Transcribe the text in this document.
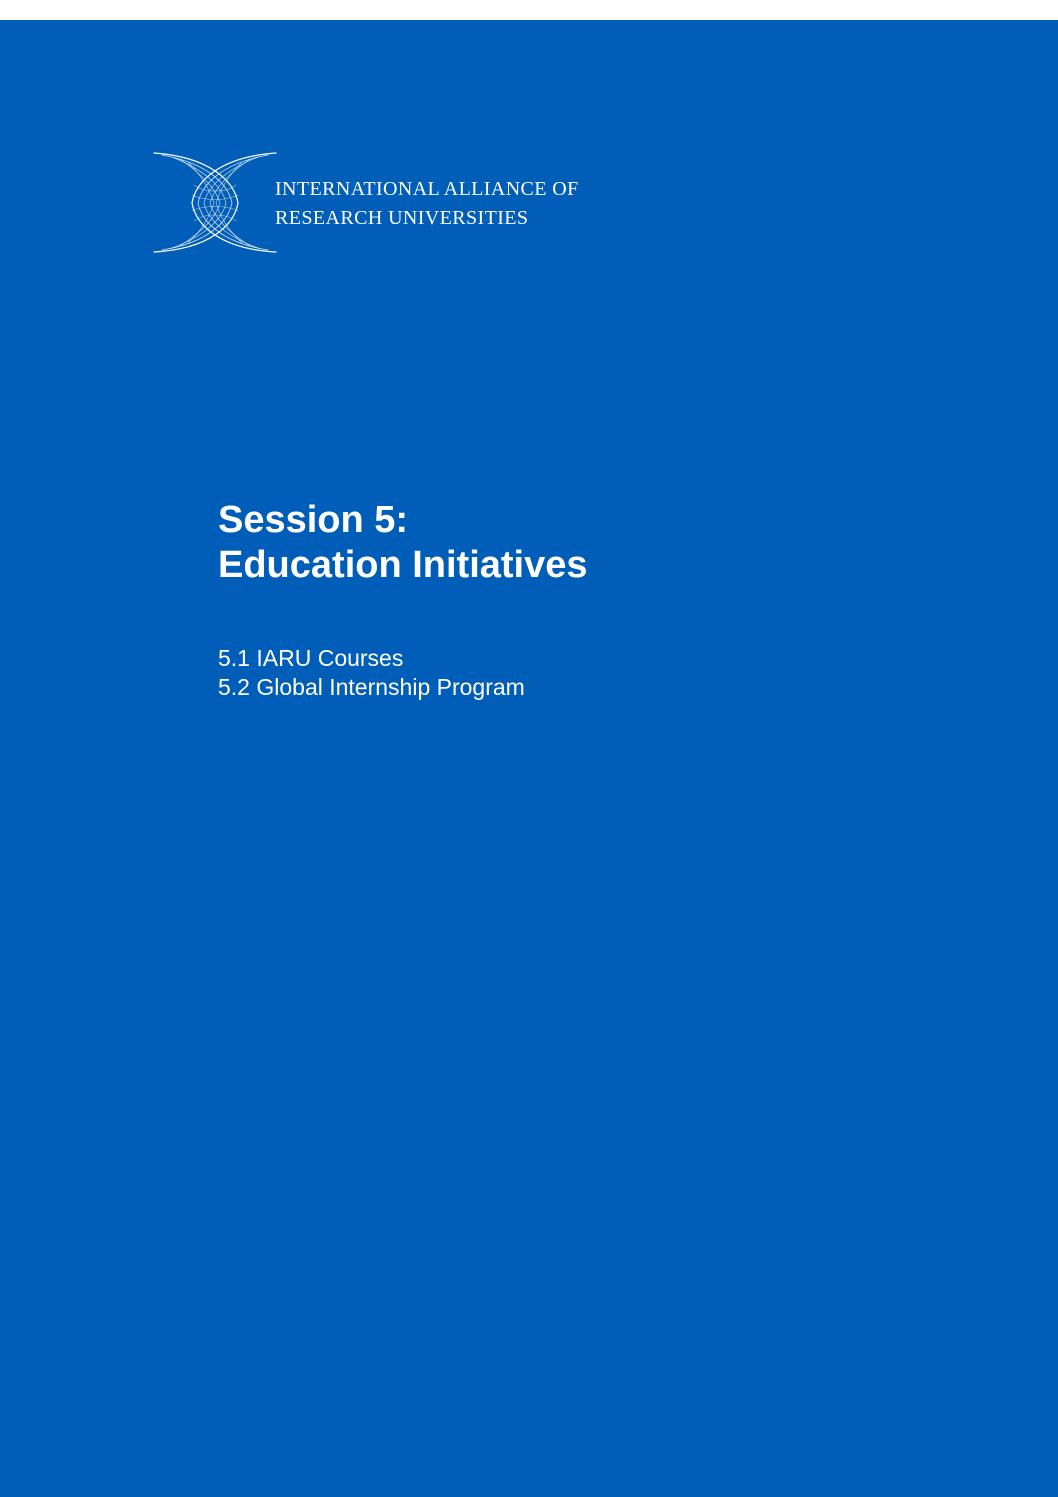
INTERNATIONAL ALLIANCE OF
RESEARCH UNIVERSITIES
Session 5:
Education Initiatives
5.1 IARU Courses
5.2 Global Internship Program
